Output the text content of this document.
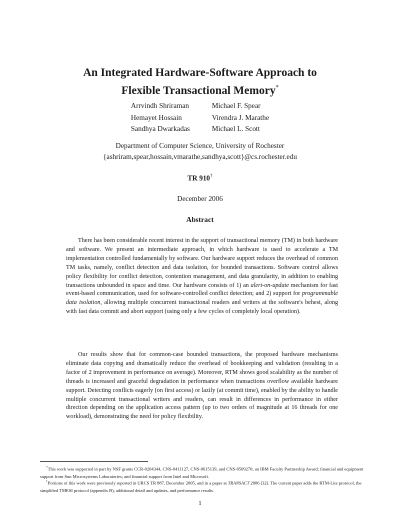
An Integrated Hardware-Software Approach to
Flexible Transactional Memory*
Arrvindh Shriraman
Hemayet Hossain
Sandhya Dwarkadas
Michael F. Spear
Virendra J. Marathe
Michael L. Scott
Department of Computer Science, University of Rochester
{ashriram,spear,hossain,vmarathe,sandhya,scott}@cs.rochester.edu
TR 910†
December 2006
Abstract

There has been considerable recent interest in the support of transactional memory (TM) in both hardware and software. We present an intermediate approach, in which hardware is used to accelerate a TM implementation controlled fundamentally by software. Our hardware support reduces the overhead of common TM tasks, namely, conflict detection and data isolation, for bounded transactions. Software control allows policy flexibility for conflict detection, contention management, and data granularity, in addition to enabling transactions unbounded in space and time. Our hardware consists of 1) an alert-on-update mechanism for fast event-based communication, used for software-controlled conflict detection; and 2) support for programmable data isolation, allowing multiple concurrent transactional readers and writers at the software's behest, along with fast data commit and abort support (using only a few cycles of completely local operation).

Our results show that for common-case bounded transactions, the proposed hardware mechanisms eliminate data copying and dramatically reduce the overhead of bookkeeping and validation (resulting in a factor of 2 improvement in performance on average). Moreover, RTM shows good scalability as the number of threads is increased and graceful degradation in performance when transactions overflow available hardware support. Detecting conflicts eagerly (on first access) or lazily (at commit time), enabled by the ability to handle multiple concurrent transactional writers and readers, can result in differences in performance in either direction depending on the application access pattern (up to two orders of magnitude at 16 threads for one workload), demonstrating the need for policy flexibility.

*This work was supported in part by NSF grants CCR-0204344, CNS-0411127, CNS-0615139, and CNS-0509270; an IBM Faculty Partnership Award; financial and equipment support from Sun Microsystems Laboratories; and financial support from Intel and Microsoft.

†Portions of this work were previously reported in URCS TR 887, December 2005, and in a paper at TRANSACT 2006 [32]. The current paper adds the RTM-Lite protocol, the simplified TMESI protocol (appendix B), additional detail and updates, and performance results.

1
